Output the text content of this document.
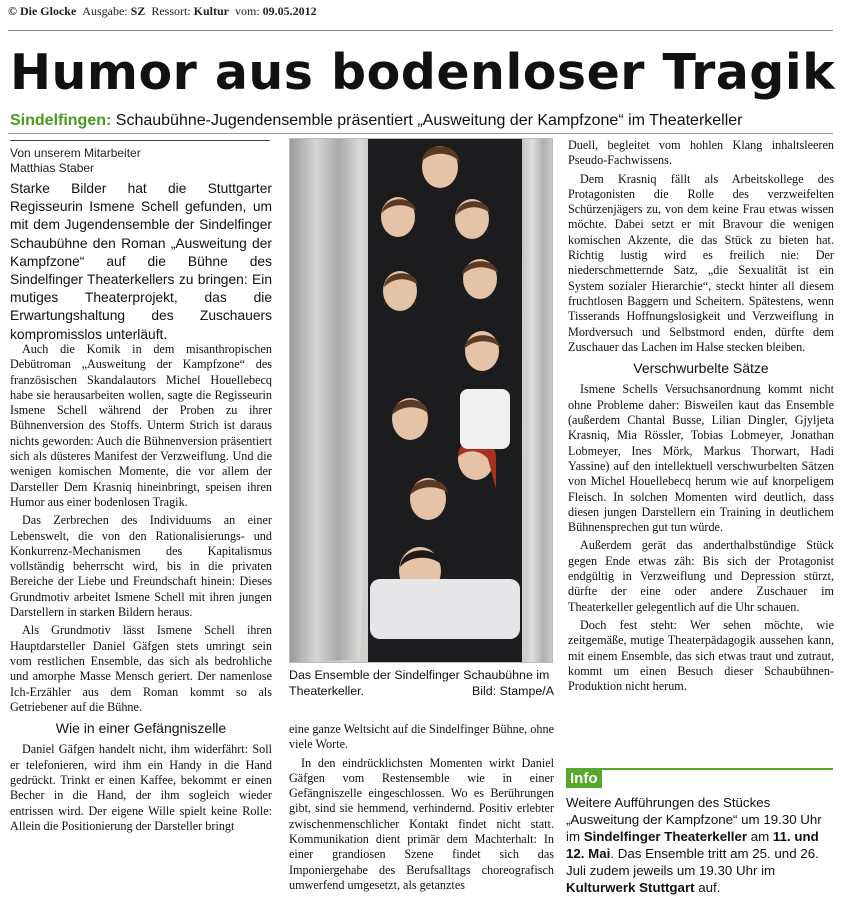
© Die Glocke Ausgabe: SZ Ressort: Kultur vom: 09.05.2012
Humor aus bodenloser Tragik
Sindelfingen: Schaubühne-Jugendensemble präsentiert „Ausweitung der Kampfzone“ im Theaterkeller
Von unserem Mitarbeiter
Matthias Staber

Starke Bilder hat die Stuttgarter Regisseurin Ismene Schell gefunden, um mit dem Jugendensemble der Sindelfinger Schaubühne den Roman „Ausweitung der Kampfzone“ auf die Bühne des Sindelfinger Theaterkellers zu bringen: Ein mutiges Theaterprojekt, das die Erwartungshaltung des Zuschauers kompromisslos unterläuft.

Auch die Komik in dem misanthropischen Debütroman „Ausweitung der Kampfzone“ des französischen Skandalautors Michel Houellebecq habe sie herausarbeiten wollen, sagte die Regisseurin Ismene Schell während der Proben zu ihrer Bühnenversion des Stoffs. Unterm Strich ist daraus nichts geworden: Auch die Bühnenversion präsentiert sich als düsteres Manifest der Verzweiflung. Und die wenigen komischen Momente, die vor allem der Darsteller Dem Krasniq hineinbringt, speisen ihren Humor aus einer bodenlosen Tragik.

Das Zerbrechen des Individuums an einer Lebenswelt, die von den Rationalisierungs- und Konkurrenz-Mechanismen des Kapitalismus vollständig beherrscht wird, bis in die privaten Bereiche der Liebe und Freundschaft hinein: Dieses Grundmotiv arbeitet Ismene Schell mit ihren jungen Darstellern in starken Bildern heraus.

Als Grundmotiv lässt Ismene Schell ihren Hauptdarsteller Daniel Gäfgen stets umringt sein vom restlichen Ensemble, das sich als bedrohliche und amorphe Masse Mensch geriert. Der namenlose Ich-Erzähler aus dem Roman kommt so als Getriebener auf die Bühne.

Wie in einer Gefängniszelle

Daniel Gäfgen handelt nicht, ihm widerfährt: Soll er telefonieren, wird ihm ein Handy in die Hand gedrückt. Trinkt er einen Kaffee, bekommt er einen Becher in die Hand, der ihm sogleich wieder entrissen wird. Der eigene Wille spielt keine Rolle: Allein die Positionierung der Darsteller bringt

Das Ensemble der Sindelfinger Schaubühne im Theaterkeller.	Bild: Stampe/A

eine ganze Weltsicht auf die Sindelfinger Bühne, ohne viele Worte.

In den eindrücklichsten Momenten wirkt Daniel Gäfgen vom Restensemble wie in einer Gefängniszelle eingeschlossen. Wo es Berührungen gibt, sind sie hemmend, verhindernd. Positiv erlebter zwischenmenschlicher Kontakt findet nicht statt. Kommunikation dient primär dem Machterhalt: In einer grandiosen Szene findet sich das Imponiergehabe des Berufsalltags choreografisch umwerfend umgesetzt, als getanztes

Duell, begleitet vom hohlen Klang inhaltsleeren Pseudo-Fachwissens.

Dem Krasniq fällt als Arbeitskollege des Protagonisten die Rolle des verzweifelten Schürzenjägers zu, von dem keine Frau etwas wissen möchte. Dabei setzt er mit Bravour die wenigen komischen Akzente, die das Stück zu bieten hat. Richtig lustig wird es freilich nie: Der niederschmetternde Satz, „die Sexualität ist ein System sozialer Hierarchie“, steckt hinter all diesem fruchtlosen Baggern und Scheitern. Spätestens, wenn Tisserands Hoffnungslosigkeit und Verzweiflung in Mordversuch und Selbstmord enden, dürfte dem Zuschauer das Lachen im Halse stecken bleiben.

Verschwurbelte Sätze

Ismene Schells Versuchsanordnung kommt nicht ohne Probleme daher: Bisweilen kaut das Ensemble (außerdem Chantal Busse, Lilian Dingler, Gjyljeta Krasniq, Mia Rössler, Tobias Lobmeyer, Jonathan Lobmeyer, Ines Mörk, Markus Thorwart, Hadi Yassine) auf den intellektuell verschwurbelten Sätzen von Michel Houellebecq herum wie auf knorpeligem Fleisch. In solchen Momenten wird deutlich, dass diesen jungen Darstellern ein Training in deutlichem Bühnensprechen gut tun würde.

Außerdem gerät das anderthalbstündige Stück gegen Ende etwas zäh: Bis sich der Protagonist endgültig in Verzweiflung und Depression stürzt, dürfte der eine oder andere Zuschauer im Theaterkeller gelegentlich auf die Uhr schauen.

Doch fest steht: Wer sehen möchte, wie zeitgemäße, mutige Theaterpädagogik aussehen kann, mit einem Ensemble, das sich etwas traut und zutraut, kommt um einen Besuch dieser Schaubühnen-Produktion nicht herum.

Info

Weitere Aufführungen des Stückes „Ausweitung der Kampfzone“ um 19.30 Uhr im Sindelfinger Theaterkeller am 11. und 12. Mai. Das Ensemble tritt am 25. und 26. Juli zudem jeweils um 19.30 Uhr im Kulturwerk Stuttgart auf.
